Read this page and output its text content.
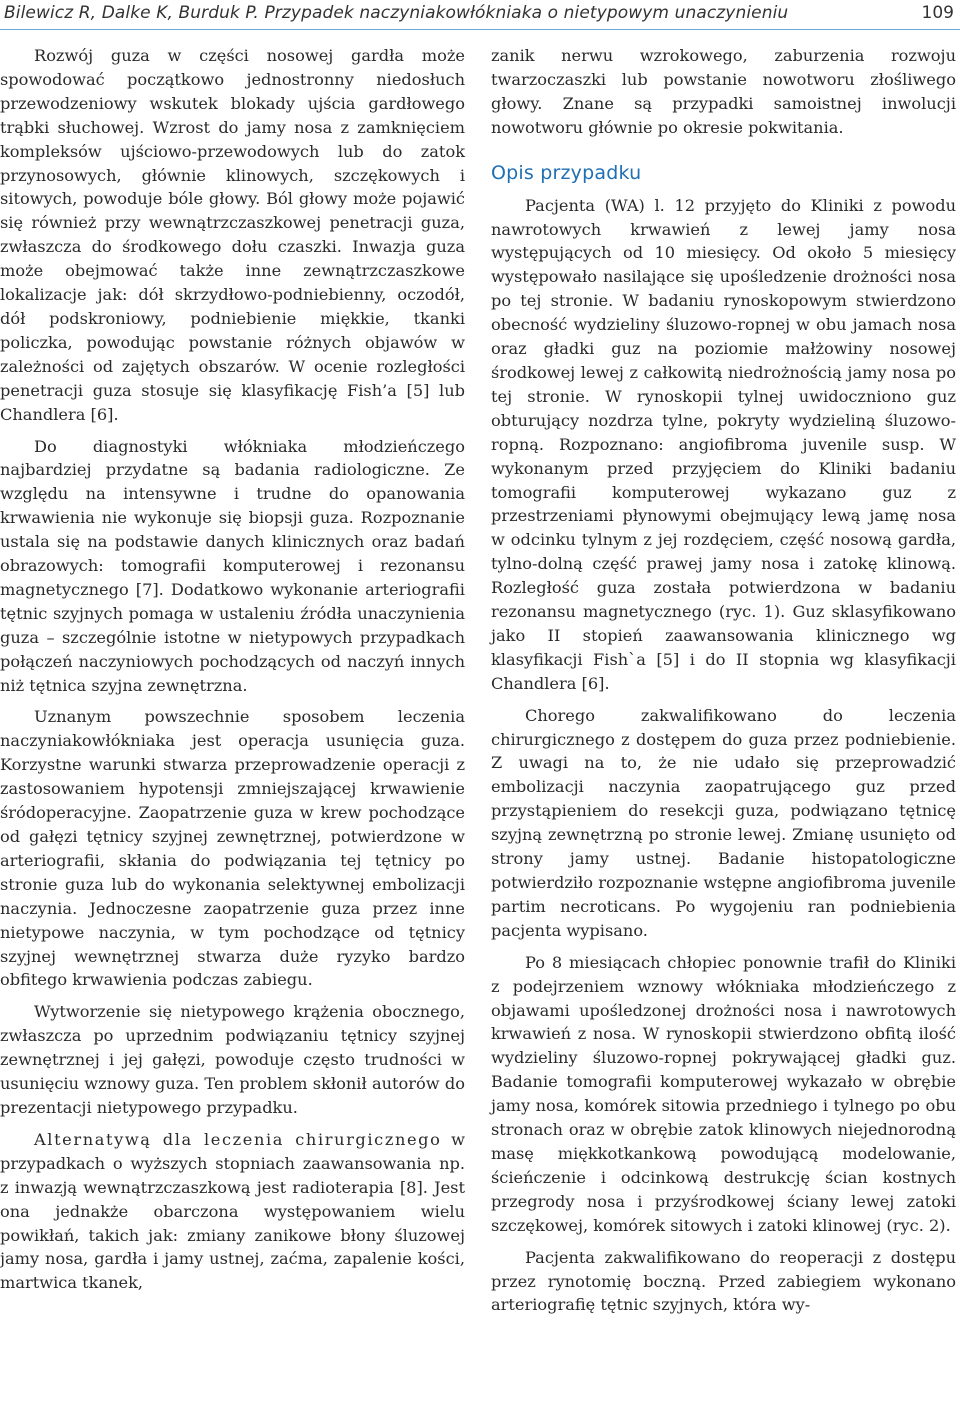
Bilewicz R, Dalke K, Burduk P. Przypadek naczyniakowłókniaka o nietypowym unaczynieniu	109

Rozwój guza w części nosowej gardła może spowodować początkowo jednostronny niedosłuch przewodzeniowy wskutek blokady ujścia gardłowego trąbki słuchowej. Wzrost do jamy nosa z zamknięciem kompleksów ujściowo-przewodowych lub do zatok przynosowych, głównie klinowych, szczękowych i sitowych, powoduje bóle głowy. Ból głowy może pojawić się również przy wewnątrzczaszkowej penetracji guza, zwłaszcza do środkowego dołu czaszki. Inwazja guza może obejmować także inne zewnątrzczaszkowe lokalizacje jak: dół skrzydłowo-podniebienny, oczodół, dół podskroniowy, podniebienie miękkie, tkanki policzka, powodując powstanie różnych objawów w zależności od zajętych obszarów. W ocenie rozległości penetracji guza stosuje się klasyfikację Fish’a [5] lub Chandlera [6].

Do diagnostyki włókniaka młodzieńczego najbardziej przydatne są badania radiologiczne. Ze względu na intensywne i trudne do opanowania krwawienia nie wykonuje się biopsji guza. Rozpoznanie ustala się na podstawie danych klinicznych oraz badań obrazowych: tomografii komputerowej i rezonansu magnetycznego [7]. Dodatkowo wykonanie arteriografii tętnic szyjnych pomaga w ustaleniu źródła unaczynienia guza – szczególnie istotne w nietypowych przypadkach połączeń naczyniowych pochodzących od naczyń innych niż tętnica szyjna zewnętrzna.

Uznanym powszechnie sposobem leczenia naczyniakowłókniaka jest operacja usunięcia guza. Korzystne warunki stwarza przeprowadzenie operacji z zastosowaniem hypotensji zmniejszającej krwawienie śródoperacyjne. Zaopatrzenie guza w krew pochodzące od gałęzi tętnicy szyjnej zewnętrznej, potwierdzone w arteriografii, skłania do podwiązania tej tętnicy po stronie guza lub do wykonania selektywnej embolizacji naczynia. Jednoczesne zaopatrzenie guza przez inne nietypowe naczynia, w tym pochodzące od tętnicy szyjnej wewnętrznej stwarza duże ryzyko bardzo obfitego krwawienia podczas zabiegu.

Wytworzenie się nietypowego krążenia obocznego, zwłaszcza po uprzednim podwiązaniu tętnicy szyjnej zewnętrznej i jej gałęzi, powoduje często trudności w usunięciu wznowy guza. Ten problem skłonił autorów do prezentacji nietypowego przypadku.

Alternatywą dla leczenia chirurgicznego w przypadkach o wyższych stopniach zaawansowania np. z inwazją wewnątrzczaszkową jest radioterapia [8]. Jest ona jednakże obarczona występowaniem wielu powikłań, takich jak: zmiany zanikowe błony śluzowej jamy nosa, gardła i jamy ustnej, zaćma, zapalenie kości, martwica tkanek,

zanik nerwu wzrokowego, zaburzenia rozwoju twarzoczaszki lub powstanie nowotworu złośliwego głowy. Znane są przypadki samoistnej inwolucji nowotworu głównie po okresie pokwitania.

Opis przypadku

Pacjenta (WA) l. 12 przyjęto do Kliniki z powodu nawrotowych krwawień z lewej jamy nosa występujących od 10 miesięcy. Od około 5 miesięcy występowało nasilające się upośledzenie drożności nosa po tej stronie. W badaniu rynoskopowym stwierdzono obecność wydzieliny śluzowo-ropnej w obu jamach nosa oraz gładki guz na poziomie małżowiny nosowej środkowej lewej z całkowitą niedrożnością jamy nosa po tej stronie. W rynoskopii tylnej uwidoczniono guz obturujący nozdrza tylne, pokryty wydzieliną śluzowo-ropną. Rozpoznano: angiofibroma juvenile susp. W wykonanym przed przyjęciem do Kliniki badaniu tomografii komputerowej wykazano guz z przestrzeniami płynowymi obejmujący lewą jamę nosa w odcinku tylnym z jej rozdęciem, część nosową gardła, tylno-dolną część prawej jamy nosa i zatokę klinową. Rozległość guza została potwierdzona w badaniu rezonansu magnetycznego (ryc. 1). Guz sklasyfikowano jako II stopień zaawansowania klinicznego wg klasyfikacji Fish`a [5] i do II stopnia wg klasyfikacji Chandlera [6].

Chorego zakwalifikowano do leczenia chirurgicznego z dostępem do guza przez podniebienie. Z uwagi na to, że nie udało się przeprowadzić embolizacji naczynia zaopatrującego guz przed przystąpieniem do resekcji guza, podwiązano tętnicę szyjną zewnętrzną po stronie lewej. Zmianę usunięto od strony jamy ustnej. Badanie histopatologiczne potwierdziło rozpoznanie wstępne angiofibroma juvenile partim necroticans. Po wygojeniu ran podniebienia pacjenta wypisano.

Po 8 miesiącach chłopiec ponownie trafił do Kliniki z podejrzeniem wznowy włókniaka młodzieńczego z objawami upośledzonej drożności nosa i nawrotowych krwawień z nosa. W rynoskopii stwierdzono obfitą ilość wydzieliny śluzowo-ropnej pokrywającej gładki guz. Badanie tomografii komputerowej wykazało w obrębie jamy nosa, komórek sitowia przedniego i tylnego po obu stronach oraz w obrębie zatok klinowych niejednorodną masę miękkotkankową powodującą modelowanie, ścieńczenie i odcinkową destrukcję ścian kostnych przegrody nosa i przyśrodkowej ściany lewej zatoki szczękowej, komórek sitowych i zatoki klinowej (ryc. 2).

Pacjenta zakwalifikowano do reoperacji z dostępu przez rynotomię boczną. Przed zabiegiem wykonano arteriografię tętnic szyjnych, która wy-
